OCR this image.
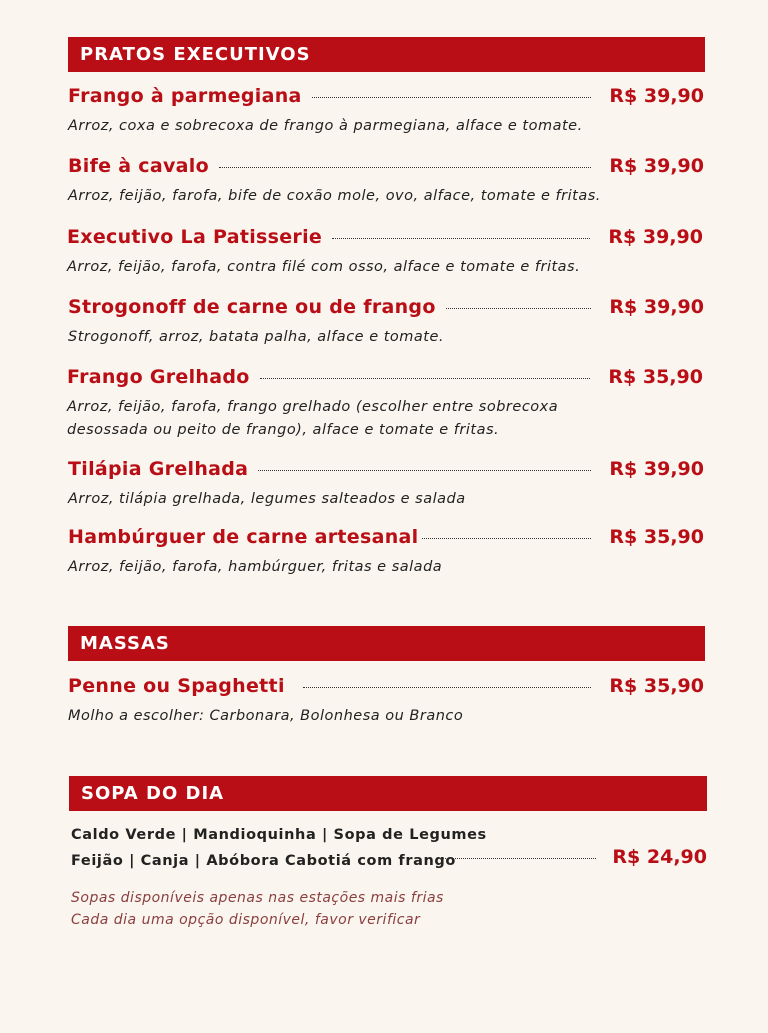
PRATOS EXECUTIVOS
Frango à parmegiana	R$ 39,90
Arroz, coxa e sobrecoxa de frango à parmegiana, alface e tomate.
Bife à cavalo	R$ 39,90
Arroz, feijão, farofa, bife de coxão mole, ovo, alface, tomate e fritas.
Executivo La Patisserie	R$ 39,90
Arroz, feijão, farofa, contra filé com osso, alface e tomate e fritas.
Strogonoff de carne ou de frango	R$ 39,90
Strogonoff, arroz, batata palha, alface e tomate.
Frango Grelhado	R$ 35,90
Arroz, feijão, farofa, frango grelhado (escolher entre sobrecoxa desossada ou peito de frango), alface e tomate e fritas.
Tilápia Grelhada	R$ 39,90
Arroz, tilápia grelhada, legumes salteados e salada
Hambúrguer de carne artesanal	R$ 35,90
Arroz, feijão, farofa, hambúrguer, fritas e salada
MASSAS
Penne ou Spaghetti	R$ 35,90
Molho a escolher: Carbonara, Bolonhesa ou Branco
SOPA DO DIA
Caldo Verde | Mandioquinha | Sopa de Legumes
Feijão | Canja | Abóbora Cabotiá com frango	R$ 24,90
Sopas disponíveis apenas nas estações mais frias
Cada dia uma opção disponível, favor verificar
